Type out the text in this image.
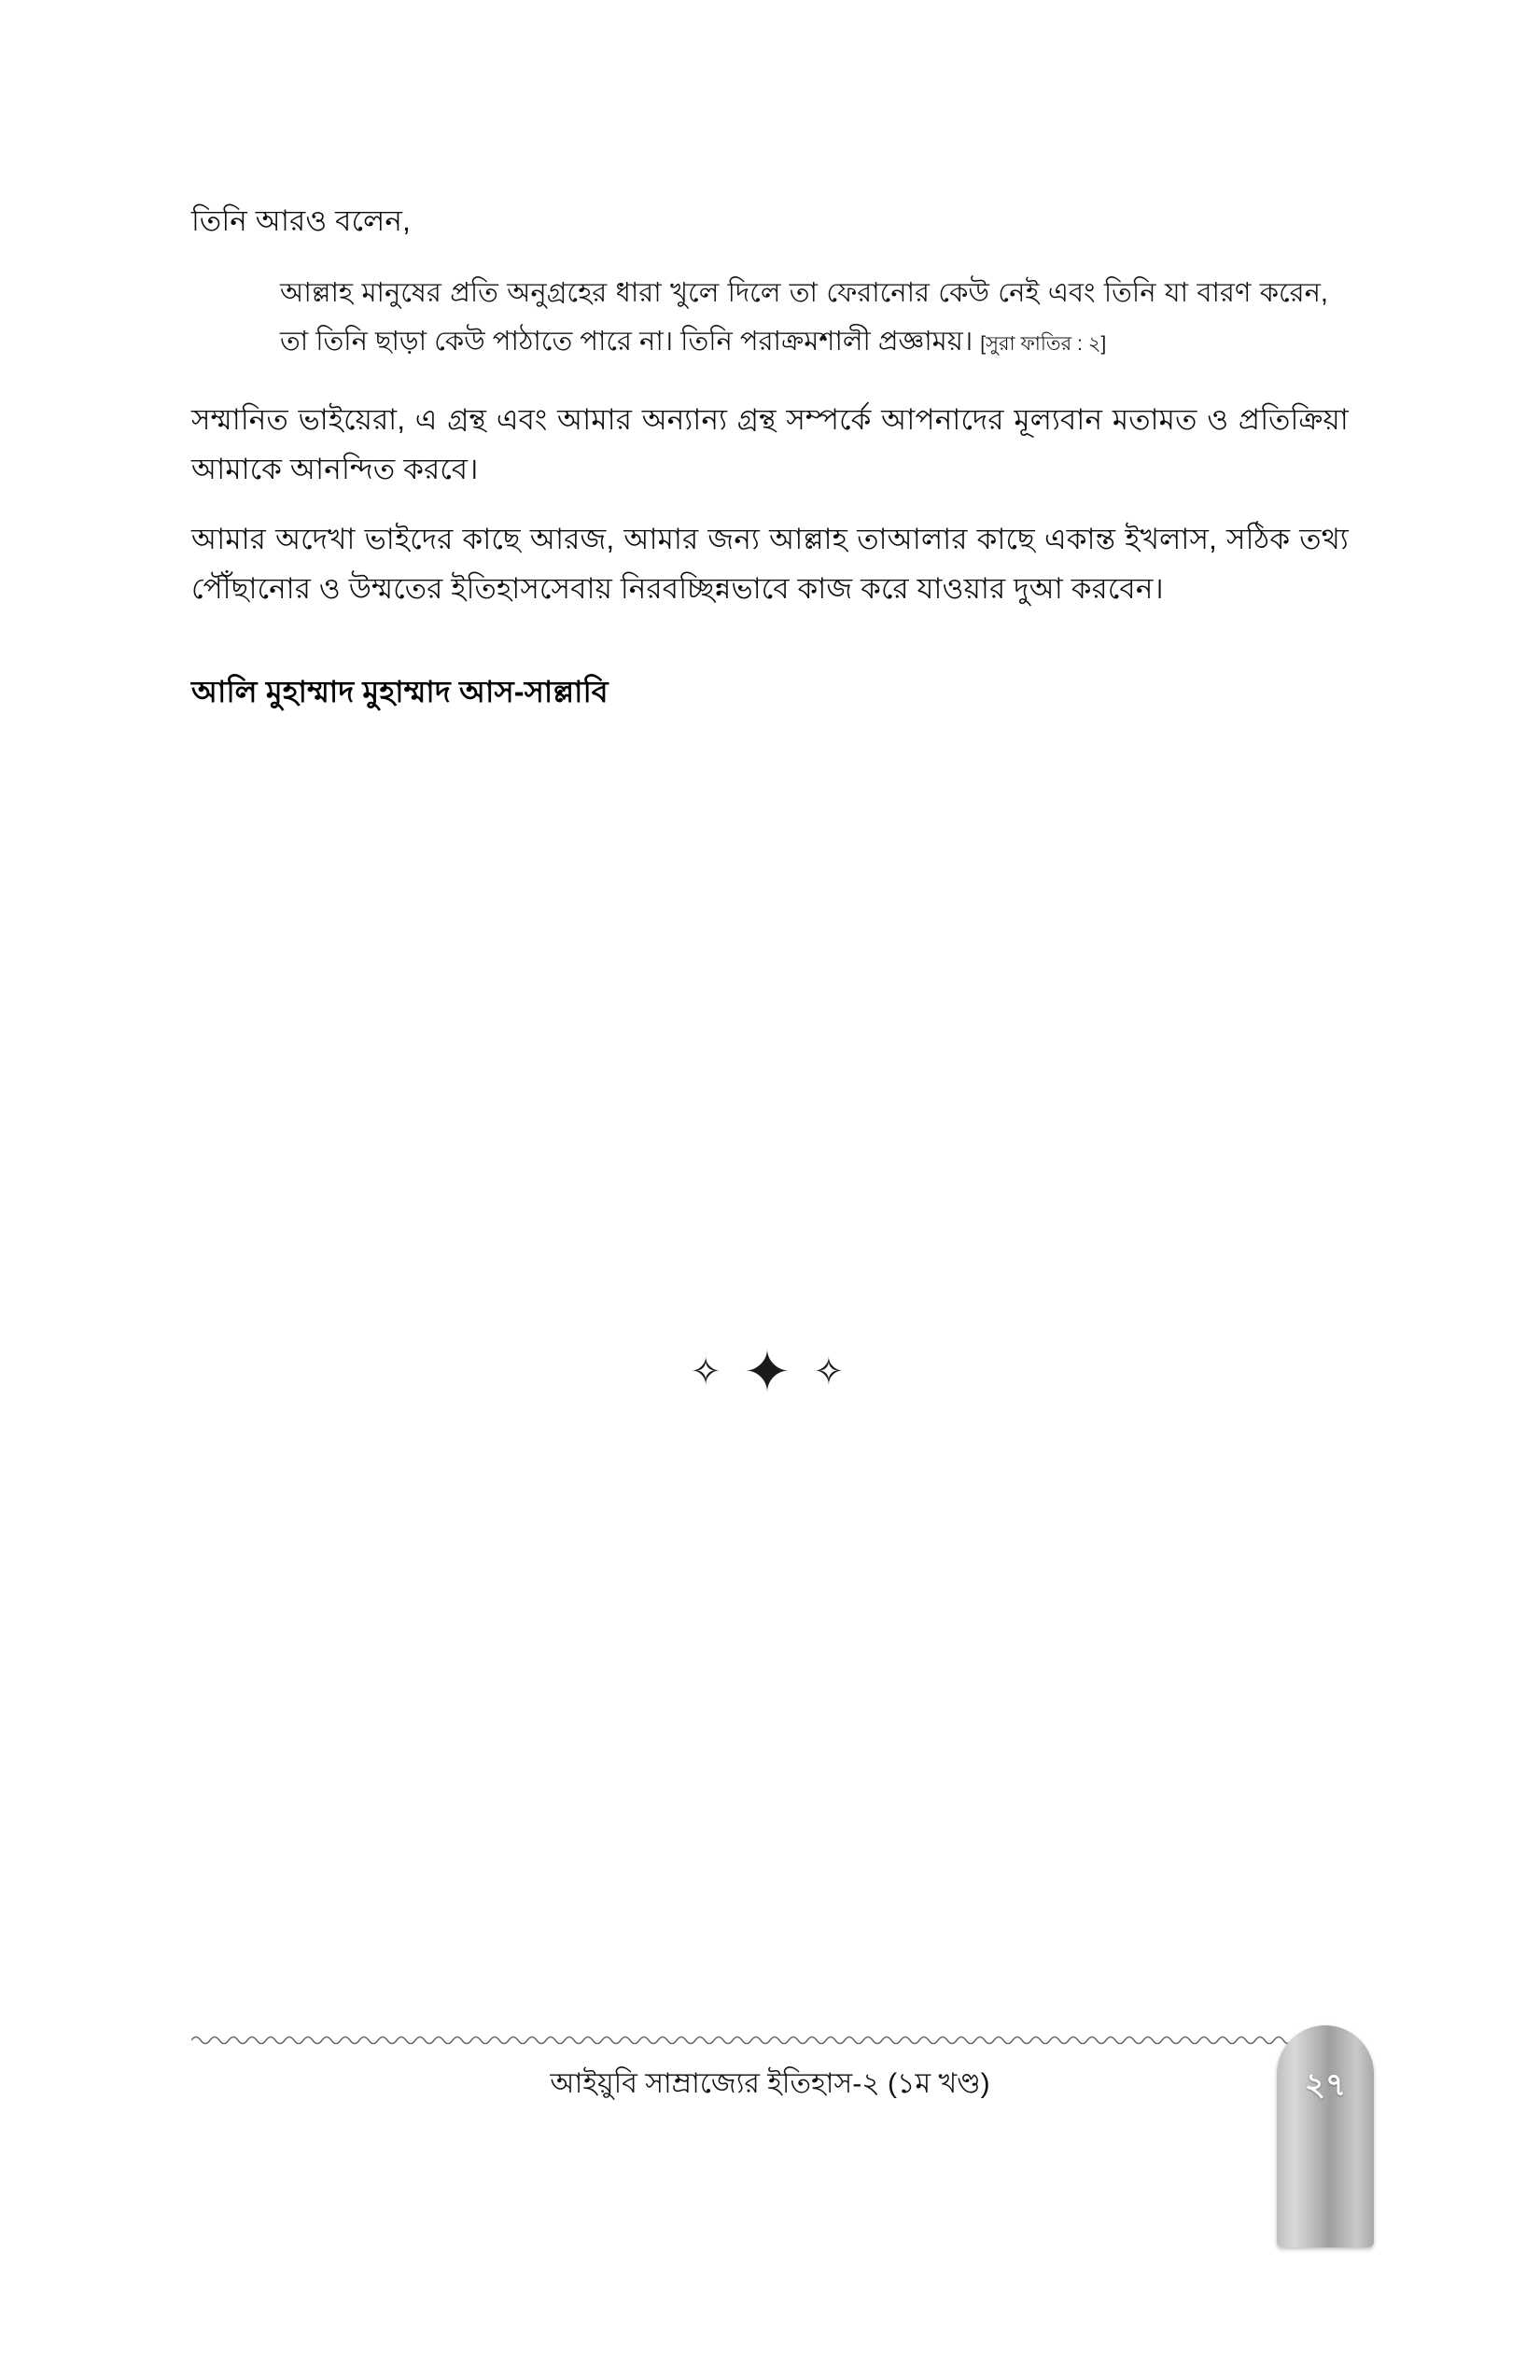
তিনি আরও বলেন,

আল্লাহ মানুষের প্রতি অনুগ্রহের ধারা খুলে দিলে তা ফেরানোর কেউ নেই এবং তিনি যা বারণ করেন, তা তিনি ছাড়া কেউ পাঠাতে পারে না। তিনি পরাক্রমশালী প্রজ্ঞাময়। [সুরা ফাতির : ২]

সম্মানিত ভাইয়েরা, এ গ্রন্থ এবং আমার অন্যান্য গ্রন্থ সম্পর্কে আপনাদের মূল্যবান মতামত ও প্রতিক্রিয়া আমাকে আনন্দিত করবে।

আমার অদেখা ভাইদের কাছে আরজ, আমার জন্য আল্লাহ তাআলার কাছে একান্ত ইখলাস, সঠিক তথ্য পৌঁছানোর ও উম্মতের ইতিহাসসেবায় নিরবচ্ছিন্নভাবে কাজ করে যাওয়ার দুআ করবেন।

আলি মুহাম্মাদ মুহাম্মাদ আস-সাল্লাবি
✧ ✦ ✧
আইয়ুবি সাম্রাজ্যের ইতিহাস-২ (১ম খণ্ড)	২৭
